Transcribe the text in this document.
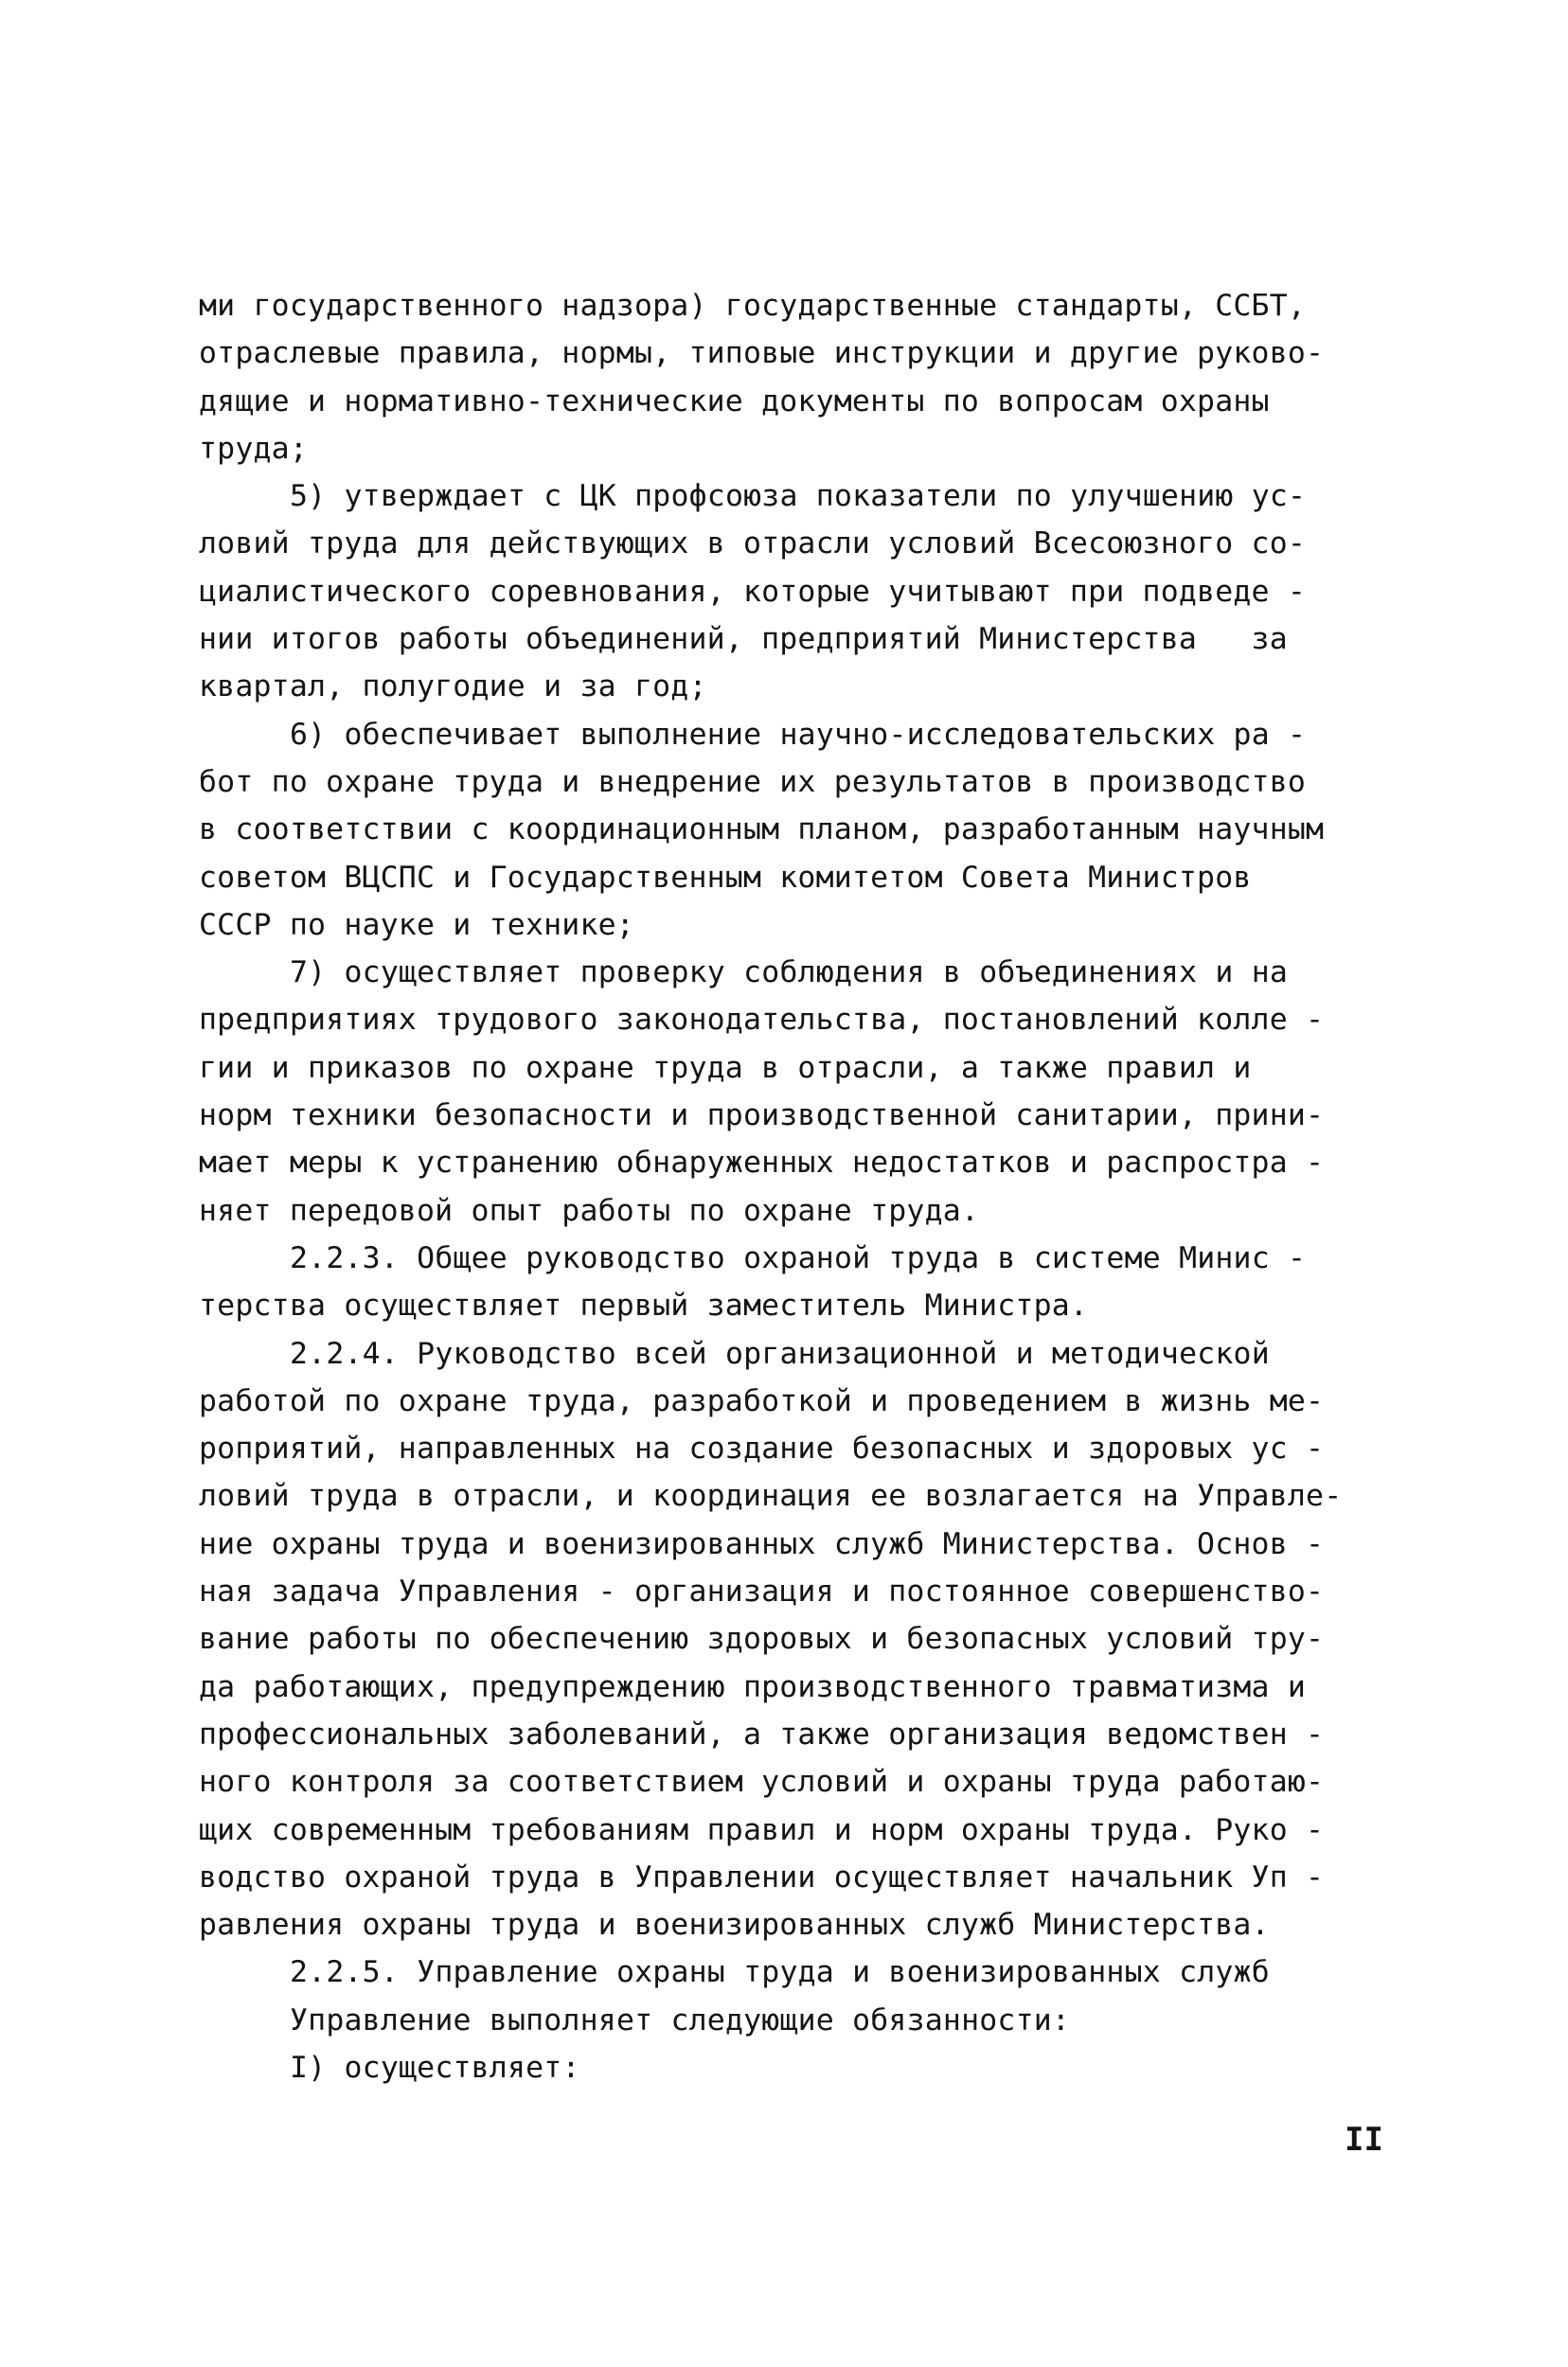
ми государственного надзора) государственные стандарты, ССБТ,
отраслевые правила, нормы, типовые инструкции и другие руково-
дящие и нормативно-технические документы по вопросам охраны
труда;
5) утверждает с ЦК профсоюза показатели по улучшению ус-
ловий труда для действующих в отрасли условий Всесоюзного со-
циалистического соревнования, которые учитывают при подведе -
нии итогов работы объединений, предприятий Министерства   за
квартал, полугодие и за год;
6) обеспечивает выполнение научно-исследовательских ра -
бот по охране труда и внедрение их результатов в производство
в соответствии с координационным планом, разработанным научным
советом ВЦСПС и Государственным комитетом Совета Министров
СССР по науке и технике;
7) осуществляет проверку соблюдения в объединениях и на
предприятиях трудового законодательства, постановлений колле -
гии и приказов по охране труда в отрасли, а также правил и
норм техники безопасности и производственной санитарии, прини-
мает меры к устранению обнаруженных недостатков и распростра -
няет передовой опыт работы по охране труда.
2.2.3. Общее руководство охраной труда в системе Минис -
терства осуществляет первый заместитель Министра.
2.2.4. Руководство всей организационной и методической
работой по охране труда, разработкой и проведением в жизнь ме-
роприятий, направленных на создание безопасных и здоровых ус -
ловий труда в отрасли, и координация ее возлагается на Управле-
ние охраны труда и военизированных служб Министерства. Основ -
ная задача Управления - организация и постоянное совершенство-
вание работы по обеспечению здоровых и безопасных условий тру-
да работающих, предупреждению производственного травматизма и
профессиональных заболеваний, а также организация ведомствен -
ного контроля за соответствием условий и охраны труда работаю-
щих современным требованиям правил и норм охраны труда. Руко -
водство охраной труда в Управлении осуществляет начальник Уп -
равления охраны труда и военизированных служб Министерства.
2.2.5. Управление охраны труда и военизированных служб
Управление выполняет следующие обязанности:
I) осуществляет:
II
